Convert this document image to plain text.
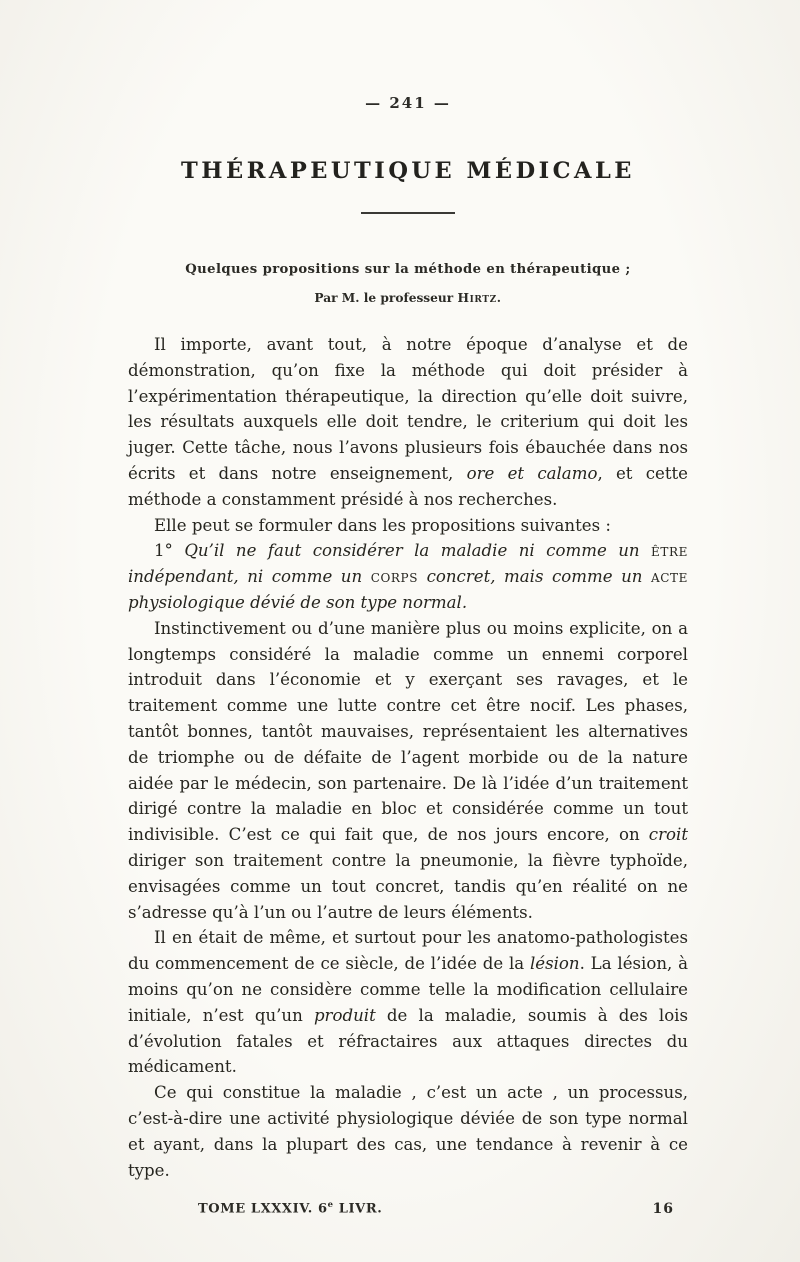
— 241 —
THÉRAPEUTIQUE MÉDICALE
Quelques propositions sur la méthode en thérapeutique ;
Par M. le professeur Hirtz.

Il importe, avant tout, à notre époque d’analyse et de démonstration, qu’on fixe la méthode qui doit présider à l’expérimentation thérapeutique, la direction qu’elle doit suivre, les résultats auxquels elle doit tendre, le criterium qui doit les juger. Cette tâche, nous l’avons plusieurs fois ébauchée dans nos écrits et dans notre enseignement, ore et calamo, et cette méthode a constamment présidé à nos recherches.

Elle peut se formuler dans les propositions suivantes :

1° Qu’il ne faut considérer la maladie ni comme un être indépendant, ni comme un corps concret, mais comme un acte physiologique dévié de son type normal.

Instinctivement ou d’une manière plus ou moins explicite, on a longtemps considéré la maladie comme un ennemi corporel introduit dans l’économie et y exerçant ses ravages, et le traitement comme une lutte contre cet être nocif. Les phases, tantôt bonnes, tantôt mauvaises, représentaient les alternatives de triomphe ou de défaite de l’agent morbide ou de la nature aidée par le médecin, son partenaire. De là l’idée d’un traitement dirigé contre la maladie en bloc et considérée comme un tout indivisible. C’est ce qui fait que, de nos jours encore, on croit diriger son traitement contre la pneumonie, la fièvre typhoïde, envisagées comme un tout concret, tandis qu’en réalité on ne s’adresse qu’à l’un ou l’autre de leurs éléments.

Il en était de même, et surtout pour les anatomo-pathologistes du commencement de ce siècle, de l’idée de la lésion. La lésion, à moins qu’on ne considère comme telle la modification cellulaire initiale, n’est qu’un produit de la maladie, soumis à des lois d’évolution fatales et réfractaires aux attaques directes du médicament.

Ce qui constitue la maladie , c’est un acte , un processus, c’est-à-dire une activité physiologique déviée de son type normal et ayant, dans la plupart des cas, une tendance à revenir à ce type.

TOME LXXXIV. 6e LIVR.	16
